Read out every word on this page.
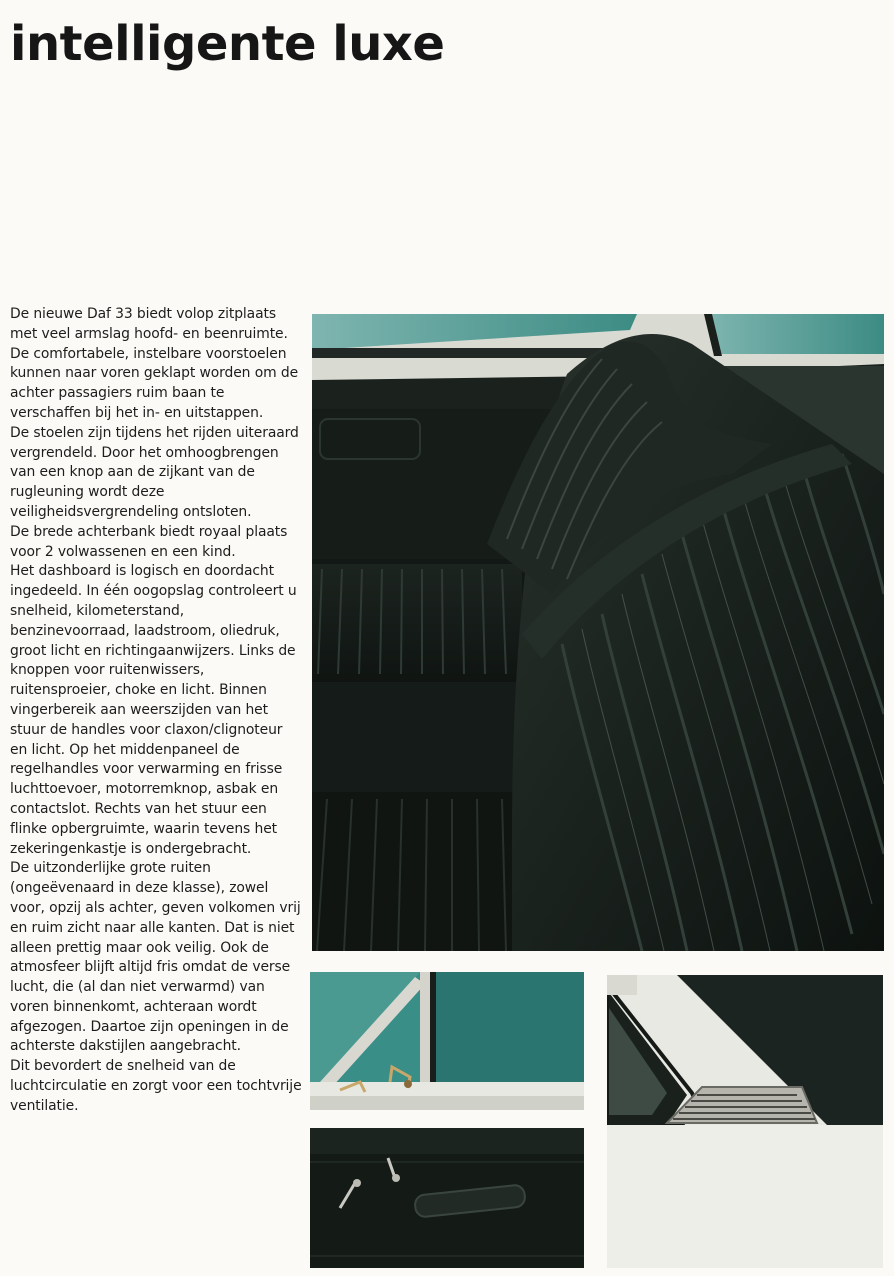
intelligente luxe

De nieuwe Daf 33 biedt volop zitplaats met veel armslag hoofd- en beenruimte.

De comfortabele, instelbare voorstoelen kunnen naar voren geklapt worden om de achter passagiers ruim baan te verschaffen bij het in- en uitstappen.

De stoelen zijn tijdens het rijden uiteraard vergrendeld. Door het omhoogbrengen van een knop aan de zijkant van de rugleuning wordt deze veiligheidsvergrendeling ontsloten.

De brede achterbank biedt royaal plaats voor 2 volwassenen en een kind.

Het dashboard is logisch en doordacht ingedeeld. In één oogopslag controleert u snelheid, kilometerstand, benzinevoorraad, laadstroom, oliedruk, groot licht en richtingaanwijzers. Links de knoppen voor ruitenwissers, ruitensproeier, choke en licht. Binnen vingerbereik aan weerszijden van het stuur de handles voor claxon/clignoteur en licht. Op het middenpaneel de regelhandles voor verwarming en frisse luchttoevoer, motorremknop, asbak en contactslot. Rechts van het stuur een flinke opbergruimte, waarin tevens het zekeringenkastje is ondergebracht.

De uitzonderlijke grote ruiten (ongeëvenaard in deze klasse), zowel voor, opzij als achter, geven volkomen vrij en ruim zicht naar alle kanten. Dat is niet alleen prettig maar ook veilig. Ook de atmosfeer blijft altijd fris omdat de verse lucht, die (al dan niet verwarmd) van voren binnenkomt, achteraan wordt afgezogen. Daartoe zijn openingen in de achterste dakstijlen aangebracht.

Dit bevordert de snelheid van de luchtcirculatie en zorgt voor een tochtvrije ventilatie.
